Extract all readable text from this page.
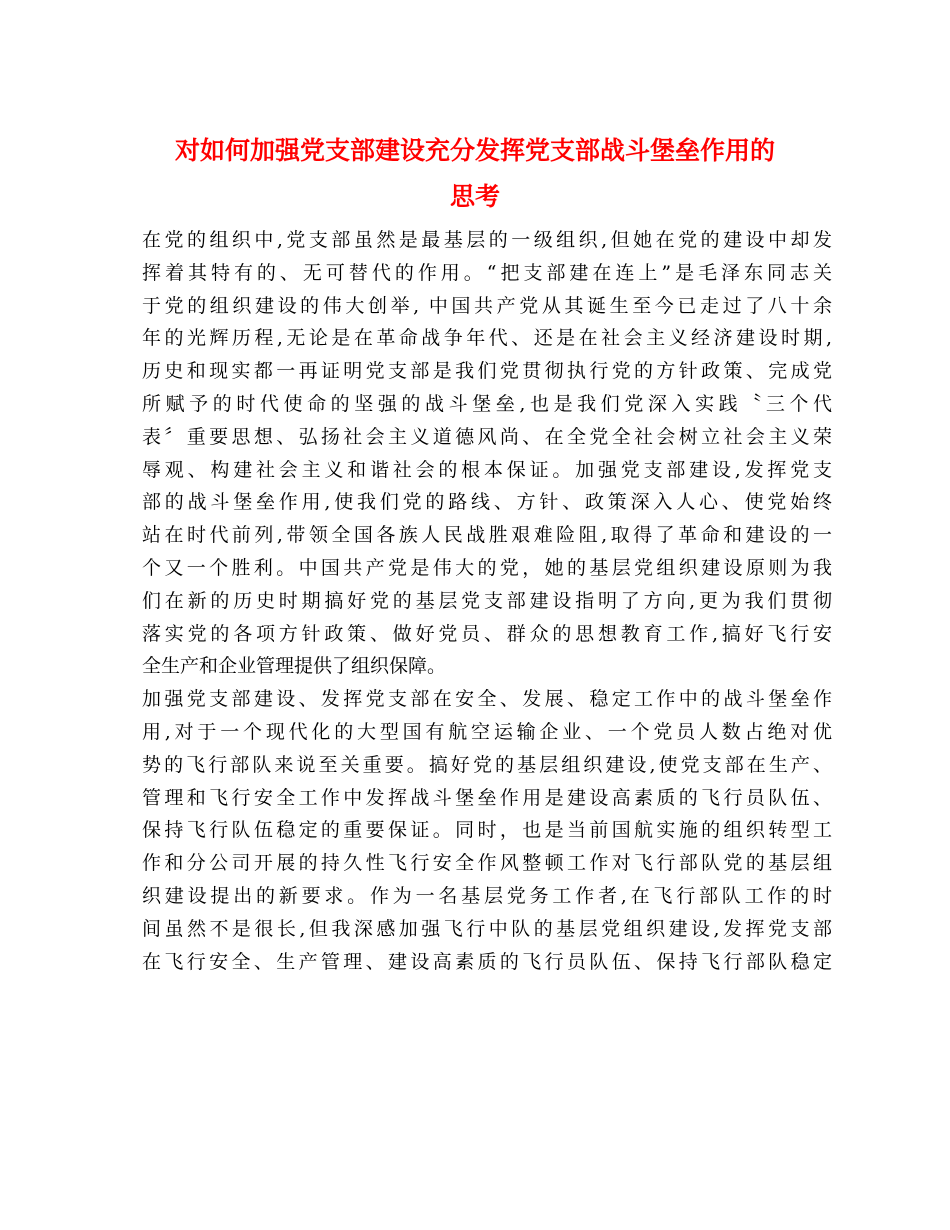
对如何加强党支部建设充分发挥党支部战斗堡垒作用的
思考
在党的组织中,党支部虽然是最基层的一级组织,但她在党的建设中却发
挥着其特有的、无可替代的作用。“把支部建在连上”是毛泽东同志关
于党的组织建设的伟大创举, 中国共产党从其诞生至今已走过了八十余
年的光辉历程,无论是在革命战争年代、还是在社会主义经济建设时期,
历史和现实都一再证明党支部是我们党贯彻执行党的方针政策、完成党
所赋予的时代使命的坚强的战斗堡垒,也是我们党深入实践〝三个代
表〞重要思想、弘扬社会主义道德风尚、在全党全社会树立社会主义荣
辱观、构建社会主义和谐社会的根本保证。加强党支部建设,发挥党支
部的战斗堡垒作用,使我们党的路线、方针、政策深入人心、使党始终
站在时代前列,带领全国各族人民战胜艰难险阻,取得了革命和建设的一
个又一个胜利。中国共产党是伟大的党，她的基层党组织建设原则为我
们在新的历史时期搞好党的基层党支部建设指明了方向,更为我们贯彻
落实党的各项方针政策、做好党员、群众的思想教育工作,搞好飞行安
全生产和企业管理提供了组织保障。
加强党支部建设、发挥党支部在安全、发展、稳定工作中的战斗堡垒作
用,对于一个现代化的大型国有航空运输企业、一个党员人数占绝对优
势的飞行部队来说至关重要。搞好党的基层组织建设,使党支部在生产、
管理和飞行安全工作中发挥战斗堡垒作用是建设高素质的飞行员队伍、
保持飞行队伍稳定的重要保证。同时，也是当前国航实施的组织转型工
作和分公司开展的持久性飞行安全作风整顿工作对飞行部队党的基层组
织建设提出的新要求。作为一名基层党务工作者,在飞行部队工作的时
间虽然不是很长,但我深感加强飞行中队的基层党组织建设,发挥党支部
在飞行安全、生产管理、建设高素质的飞行员队伍、保持飞行部队稳定
